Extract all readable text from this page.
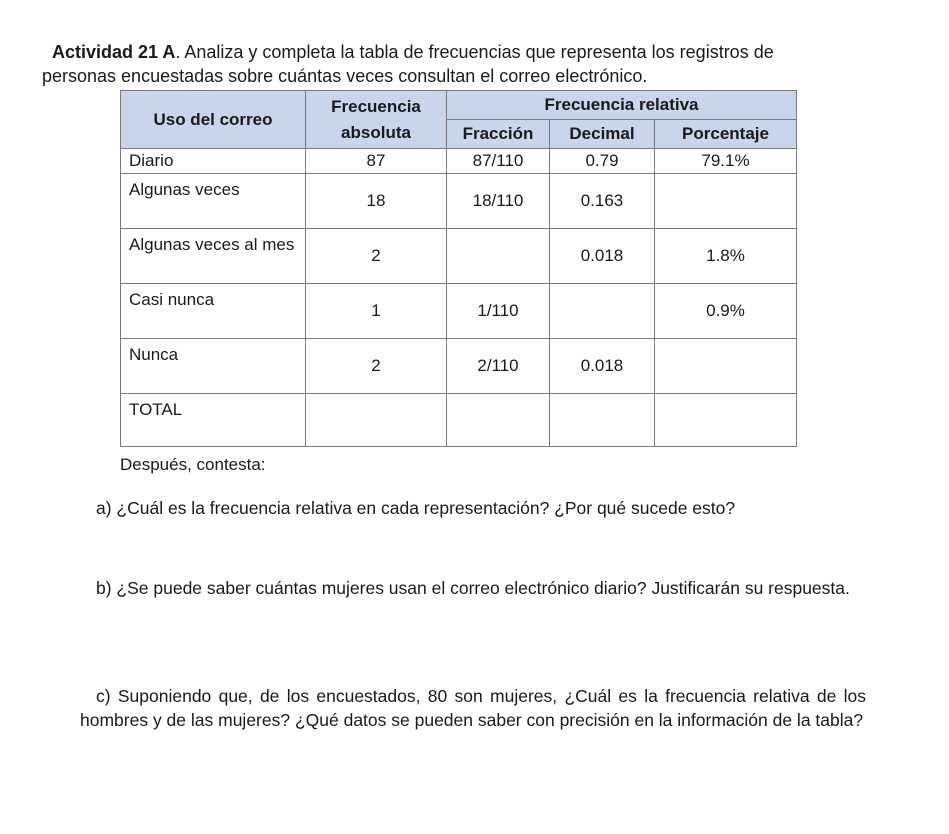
Actividad 21 A. Analiza y completa la tabla de frecuencias que representa los registros de
personas encuestadas sobre cuántas veces consultan el correo electrónico.
Uso del correo	Frecuencia absoluta	Frecuencia relativa		
		Fracción	Decimal	Porcentaje
Diario	87	87/110	0.79	79.1%
Algunas veces	18	18/110	0.163	
Algunas veces al mes	2		0.018	1.8%
Casi nunca	1	1/110		0.9%
Nunca	2	2/110	0.018	
TOTAL				
Después, contesta:
a) ¿Cuál es la frecuencia relativa en cada representación? ¿Por qué sucede esto?
b) ¿Se puede saber cuántas mujeres usan el correo electrónico diario? Justificarán su respuesta.
c) Suponiendo que, de los encuestados, 80 son mujeres, ¿Cuál es la frecuencia relativa de los hombres y de las mujeres? ¿Qué datos se pueden saber con precisión en la información de la tabla?
